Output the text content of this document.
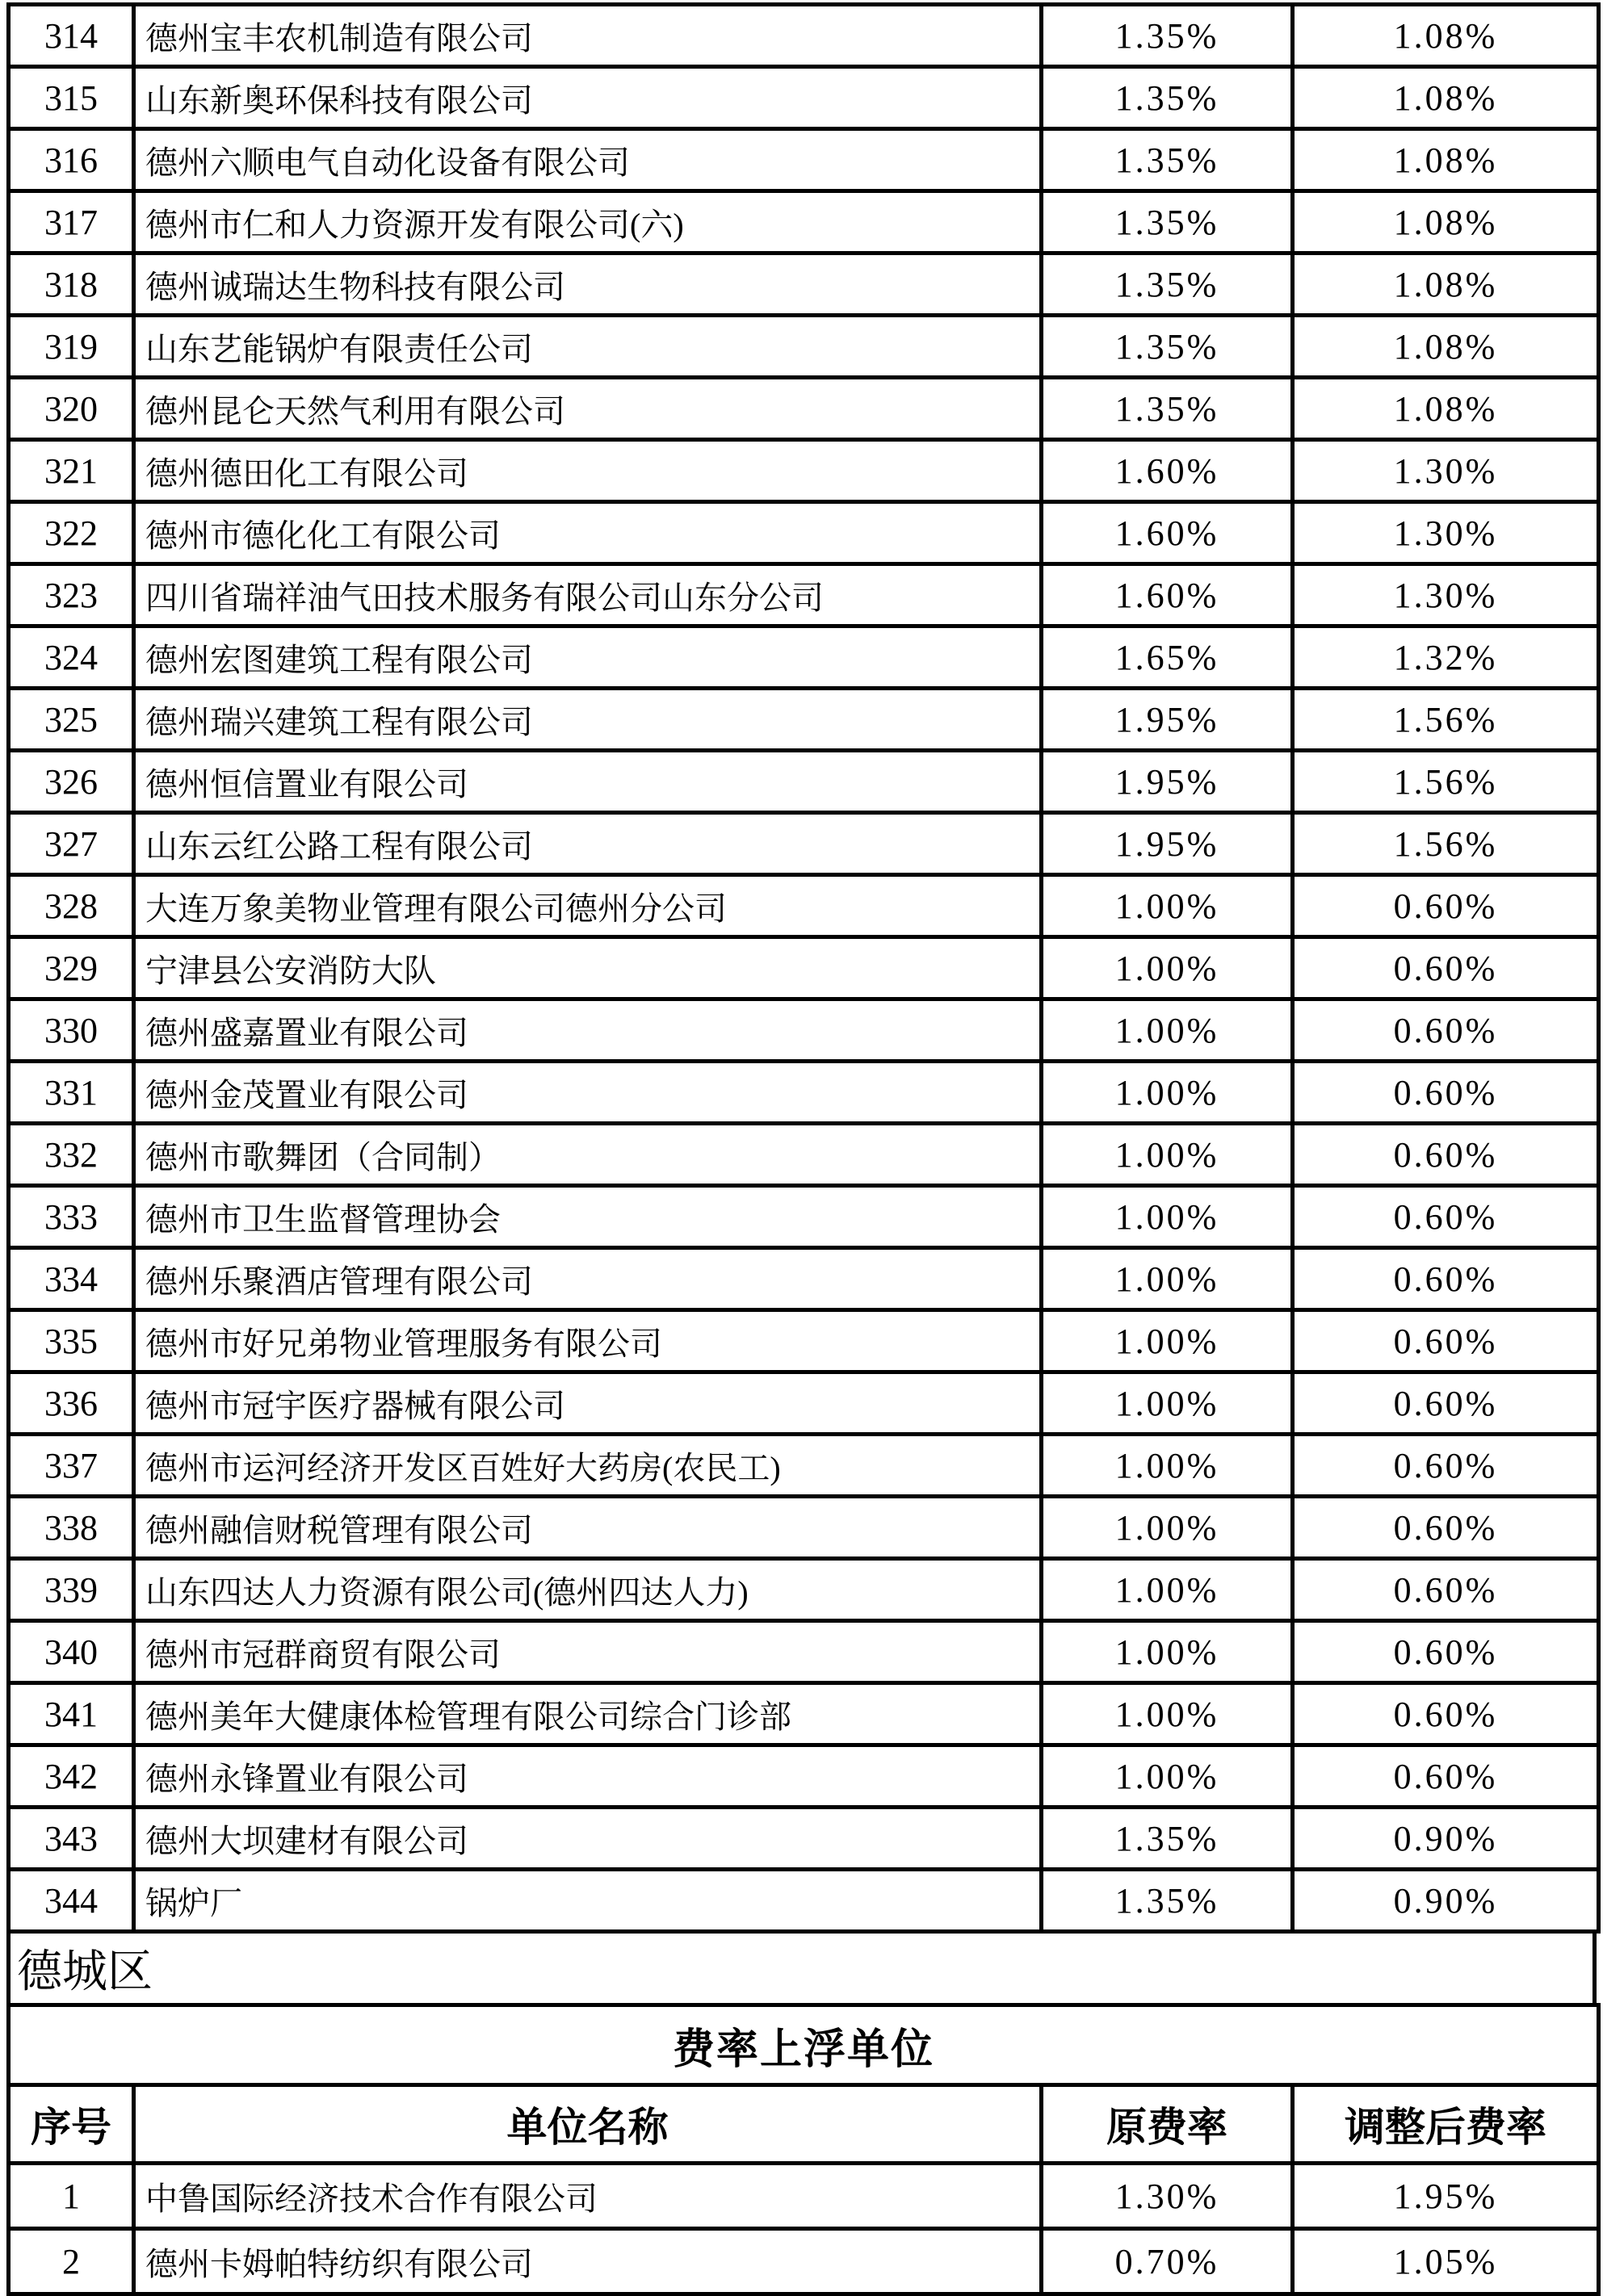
314	德州宝丰农机制造有限公司	1.35%	1.08%
315	山东新奥环保科技有限公司	1.35%	1.08%
316	德州六顺电气自动化设备有限公司	1.35%	1.08%
317	德州市仁和人力资源开发有限公司(六)	1.35%	1.08%
318	德州诚瑞达生物科技有限公司	1.35%	1.08%
319	山东艺能锅炉有限责任公司	1.35%	1.08%
320	德州昆仑天然气利用有限公司	1.35%	1.08%
321	德州德田化工有限公司	1.60%	1.30%
322	德州市德化化工有限公司	1.60%	1.30%
323	四川省瑞祥油气田技术服务有限公司山东分公司	1.60%	1.30%
324	德州宏图建筑工程有限公司	1.65%	1.32%
325	德州瑞兴建筑工程有限公司	1.95%	1.56%
326	德州恒信置业有限公司	1.95%	1.56%
327	山东云红公路工程有限公司	1.95%	1.56%
328	大连万象美物业管理有限公司德州分公司	1.00%	0.60%
329	宁津县公安消防大队	1.00%	0.60%
330	德州盛嘉置业有限公司	1.00%	0.60%
331	德州金茂置业有限公司	1.00%	0.60%
332	德州市歌舞团（合同制）	1.00%	0.60%
333	德州市卫生监督管理协会	1.00%	0.60%
334	德州乐聚酒店管理有限公司	1.00%	0.60%
335	德州市好兄弟物业管理服务有限公司	1.00%	0.60%
336	德州市冠宇医疗器械有限公司	1.00%	0.60%
337	德州市运河经济开发区百姓好大药房(农民工)	1.00%	0.60%
338	德州融信财税管理有限公司	1.00%	0.60%
339	山东四达人力资源有限公司(德州四达人力)	1.00%	0.60%
340	德州市冠群商贸有限公司	1.00%	0.60%
341	德州美年大健康体检管理有限公司综合门诊部	1.00%	0.60%
342	德州永锋置业有限公司	1.00%	0.60%
343	德州大坝建材有限公司	1.35%	0.90%
344	锅炉厂	1.35%	0.90%
德城区
费率上浮单位			
序号	单位名称	原费率	调整后费率
1	中鲁国际经济技术合作有限公司	1.30%	1.95%
2	德州卡姆帕特纺织有限公司	0.70%	1.05%
